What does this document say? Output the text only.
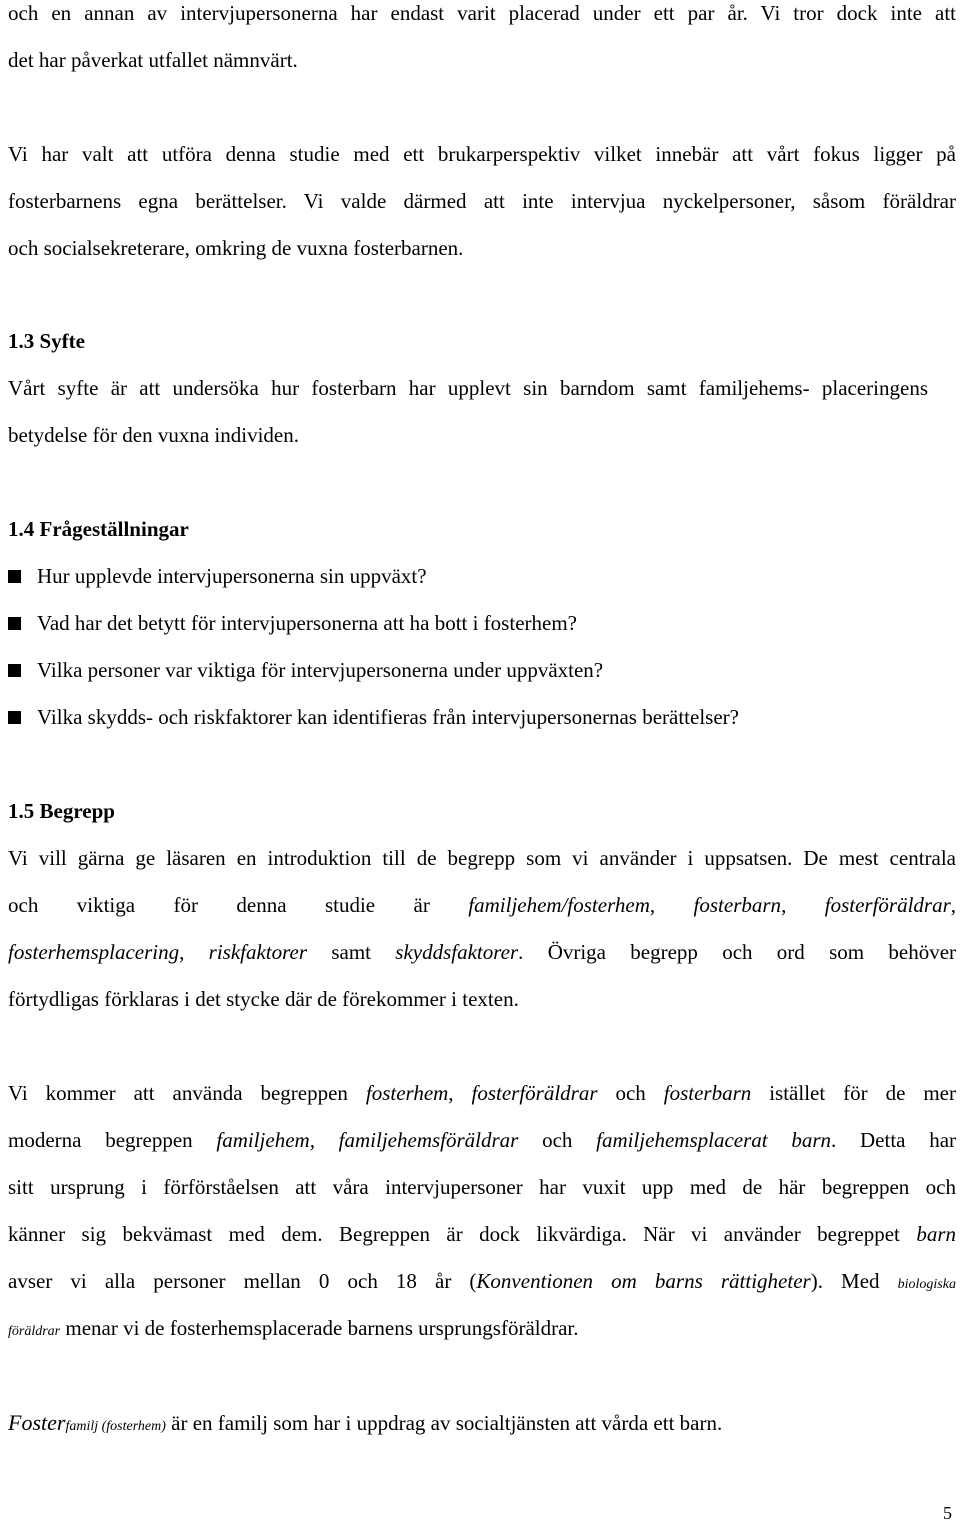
och en annan av intervjupersonerna har endast varit placerad under ett par år. Vi tror dock inte att
det har påverkat utfallet nämnvärt.
Vi har valt att utföra denna studie med ett brukarperspektiv vilket innebär att vårt fokus ligger på
fosterbarnens egna berättelser. Vi valde därmed att inte intervjua nyckelpersoner, såsom föräldrar
och socialsekreterare, omkring de vuxna fosterbarnen.
1.3 Syfte
Vårt syfte är att undersöka hur fosterbarn har upplevt sin barndom samt familjehems- placeringens
betydelse för den vuxna individen.
1.4 Frågeställningar
Hur upplevde intervjupersonerna sin uppväxt?
Vad har det betytt för intervjupersonerna att ha bott i fosterhem?
Vilka personer var viktiga för intervjupersonerna under uppväxten?
Vilka skydds- och riskfaktorer kan identifieras från intervjupersonernas berättelser?
1.5 Begrepp
Vi vill gärna ge läsaren en introduktion till de begrepp som vi använder i uppsatsen. De mest centrala
och viktiga för denna studie är familjehem/fosterhem, fosterbarn, fosterföräldrar,
fosterhemsplacering, riskfaktorer samt skyddsfaktorer. Övriga begrepp och ord som behöver
förtydligas förklaras i det stycke där de förekommer i texten.
Vi kommer att använda begreppen fosterhem, fosterföräldrar och fosterbarn istället för de mer
moderna begreppen familjehem, familjehemsföräldrar och familjehemsplacerat barn. Detta har
sitt ursprung i förförståelsen att våra intervjupersoner har vuxit upp med de här begreppen och
känner sig bekvämast med dem. Begreppen är dock likvärdiga. När vi använder begreppet barn
avser vi alla personer mellan 0 och 18 år (Konventionen om barns rättigheter). Med biologiska
föräldrar menar vi de fosterhemsplacerade barnens ursprungsföräldrar.
Fosterfamilj (fosterhem) är en familj som har i uppdrag av socialtjänsten att vårda ett barn.
5
